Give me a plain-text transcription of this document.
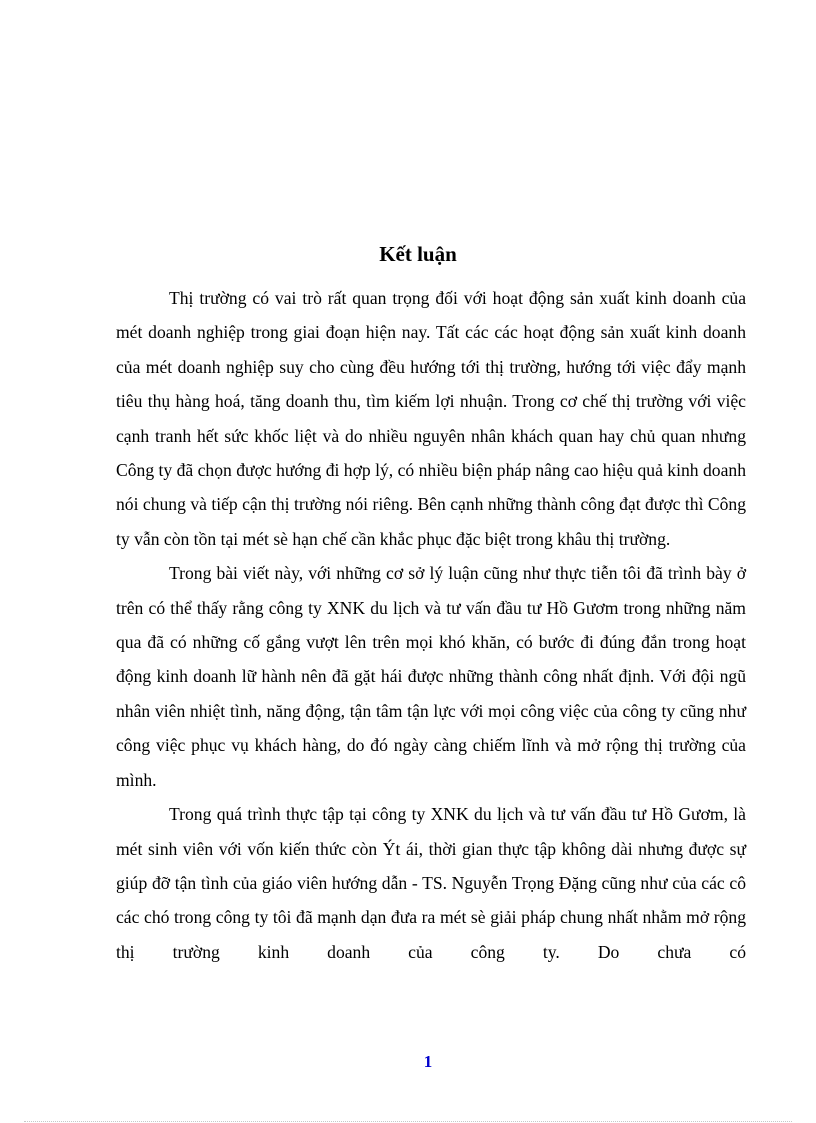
Kết luận

Thị trường có vai trò rất quan trọng đối với hoạt động sản xuất kinh doanh của mét doanh nghiệp trong giai đoạn hiện nay. Tất các các hoạt động sản xuất kinh doanh của mét doanh nghiệp suy cho cùng đều hướng tới thị trường, hướng tới việc đẩy mạnh tiêu thụ hàng hoá, tăng doanh thu, tìm kiếm lợi nhuận. Trong cơ chế thị trường với việc cạnh tranh hết sức khốc liệt và do nhiều nguyên nhân khách quan hay chủ quan nhưng Công ty đã chọn được hướng đi hợp lý, có nhiều biện pháp nâng cao hiệu quả kinh doanh nói chung và tiếp cận thị trường nói riêng. Bên cạnh những thành công đạt được thì Công ty vẫn còn tồn tại mét sè hạn chế cần khắc phục đặc biệt trong khâu thị trường.

Trong bài viết này, với những cơ sở lý luận cũng như thực tiễn tôi đã trình bày ở trên có thể thấy rằng công ty XNK du lịch và tư vấn đầu tư Hồ Gươm trong những năm qua đã có những cố gắng vượt lên trên mọi khó khăn, có bước đi đúng đắn trong hoạt động kinh doanh lữ hành nên đã gặt hái được những thành công nhất định. Với đội ngũ nhân viên nhiệt tình, năng động, tận tâm tận lực với mọi công việc của công ty cũng như công việc phục vụ khách hàng, do đó ngày càng chiếm lĩnh và mở rộng thị trường của mình.

Trong quá trình thực tập tại công ty XNK du lịch và tư vấn đầu tư Hồ Gươm, là mét sinh viên với vốn kiến thức còn Ýt ái, thời gian thực tập không dài nhưng được sự giúp đỡ tận tình của giáo viên hướng dẫn - TS. Nguyễn Trọng Đặng cũng như của các cô các chó trong công ty tôi đã mạnh dạn đưa ra mét sè giải pháp chung nhất nhằm mở rộng thị trường kinh doanh của công ty. Do chưa có

1
